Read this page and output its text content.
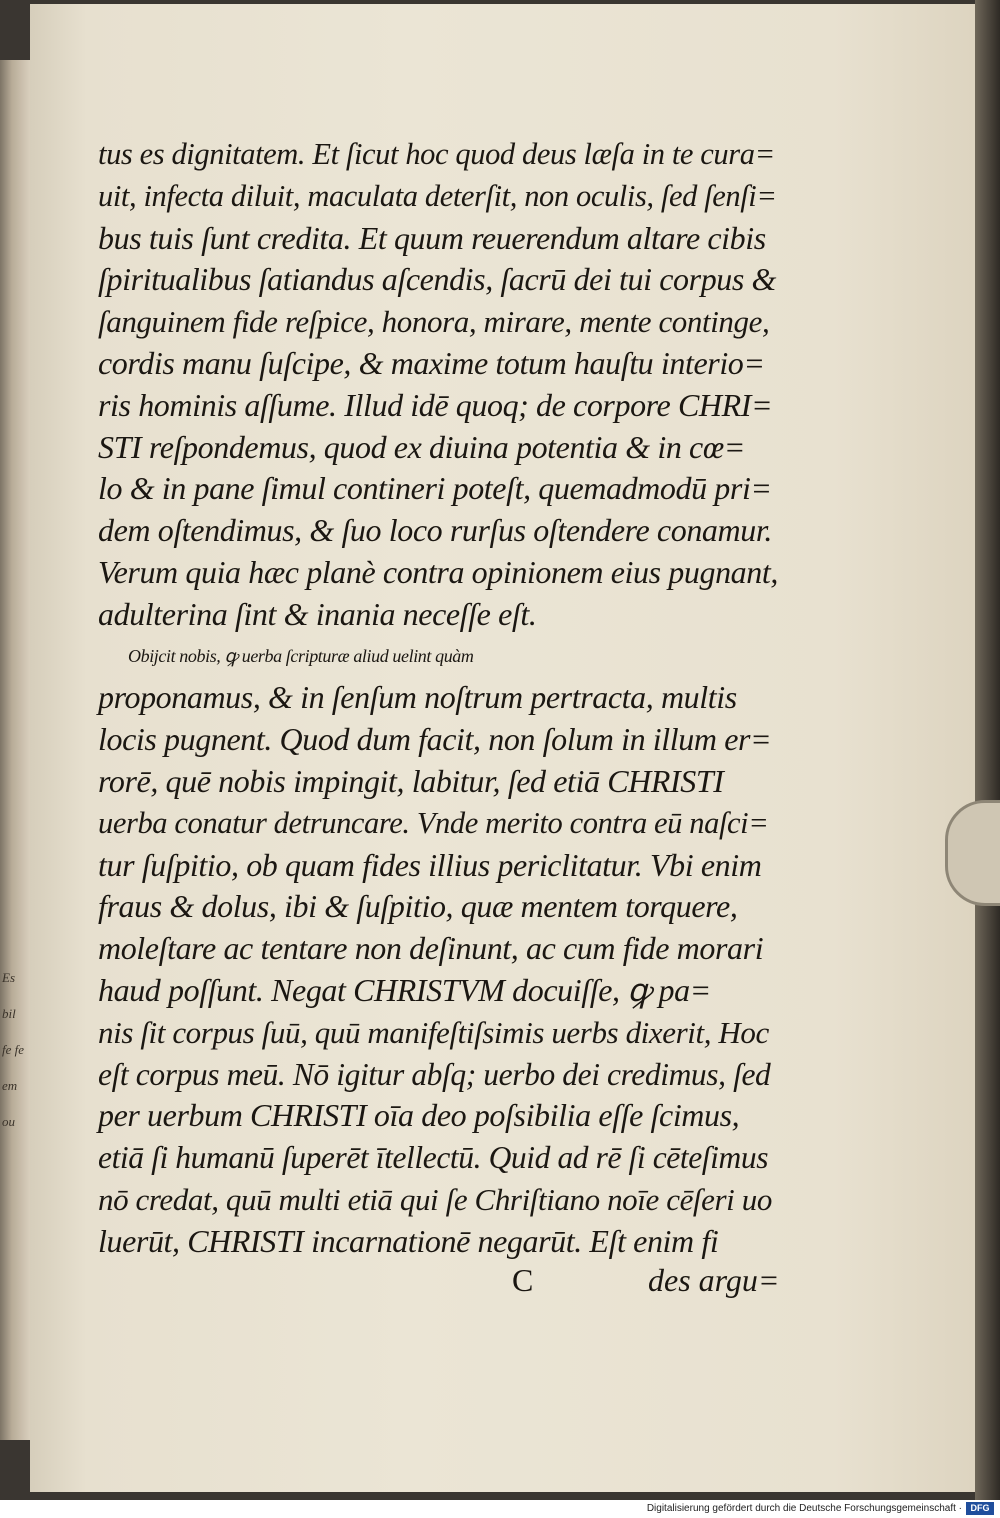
Es bil fe fe em ou
tus es dignitatem. Et ſicut hoc quod deus læſa in te cura=
uit, infecta diluit, maculata deterſit, non oculis, ſed ſenſi=
bus tuis ſunt credita. Et quum reuerendum altare cibis
ſpiritualibus ſatiandus aſcendis, ſacrū dei tui corpus &
ſanguinem fide reſpice, honora, mirare, mente continge,
cordis manu ſuſcipe, & maxime totum hauſtu interio=
ris hominis aſſume. Illud idē quoq; de corpore CHRI=
STI reſpondemus, quod ex diuina potentia & in cœ=
lo & in pane ſimul contineri poteſt, quemadmodū pri=
dem oſtendimus, & ſuo loco rurſus oſtendere conamur.
Verum quia hæc planè contra opinionem eius pugnant,
adulterina ſint & inania neceſſe eſt.
Obijcit nobis, ꝙ uerba ſcripturæ aliud uelint quàm
proponamus, & in ſenſum noſtrum pertracta, multis
locis pugnent. Quod dum facit, non ſolum in illum er=
rorē, quē nobis impingit, labitur, ſed etiā CHRISTI
uerba conatur detruncare. Vnde merito contra eū naſci=
tur ſuſpitio, ob quam fides illius periclitatur. Vbi enim
fraus & dolus, ibi & ſuſpitio, quæ mentem torquere,
moleſtare ac tentare non deſinunt, ac cum fide morari
haud poſſunt. Negat CHRISTVM docuiſſe, ꝙ pa=
nis ſit corpus ſuū, quū manifeſtiſsimis uerbs dixerit, Hoc
eſt corpus meū. Nō igitur abſq; uerbo dei credimus, ſed
per uerbum CHRISTI oīa deo poſsibilia eſſe ſcimus,
etiā ſi humanū ſuperēt ītellectū. Quid ad rē ſi cēteſimus
nō credat, quū multi etiā qui ſe Chriſtiano noīe cēſeri uo
luerūt, CHRISTI incarnationē negarūt. Eſt enim fi
C	des argu=
Digitalisierung gefördert durch die Deutsche Forschungsgemeinschaft · DFG
